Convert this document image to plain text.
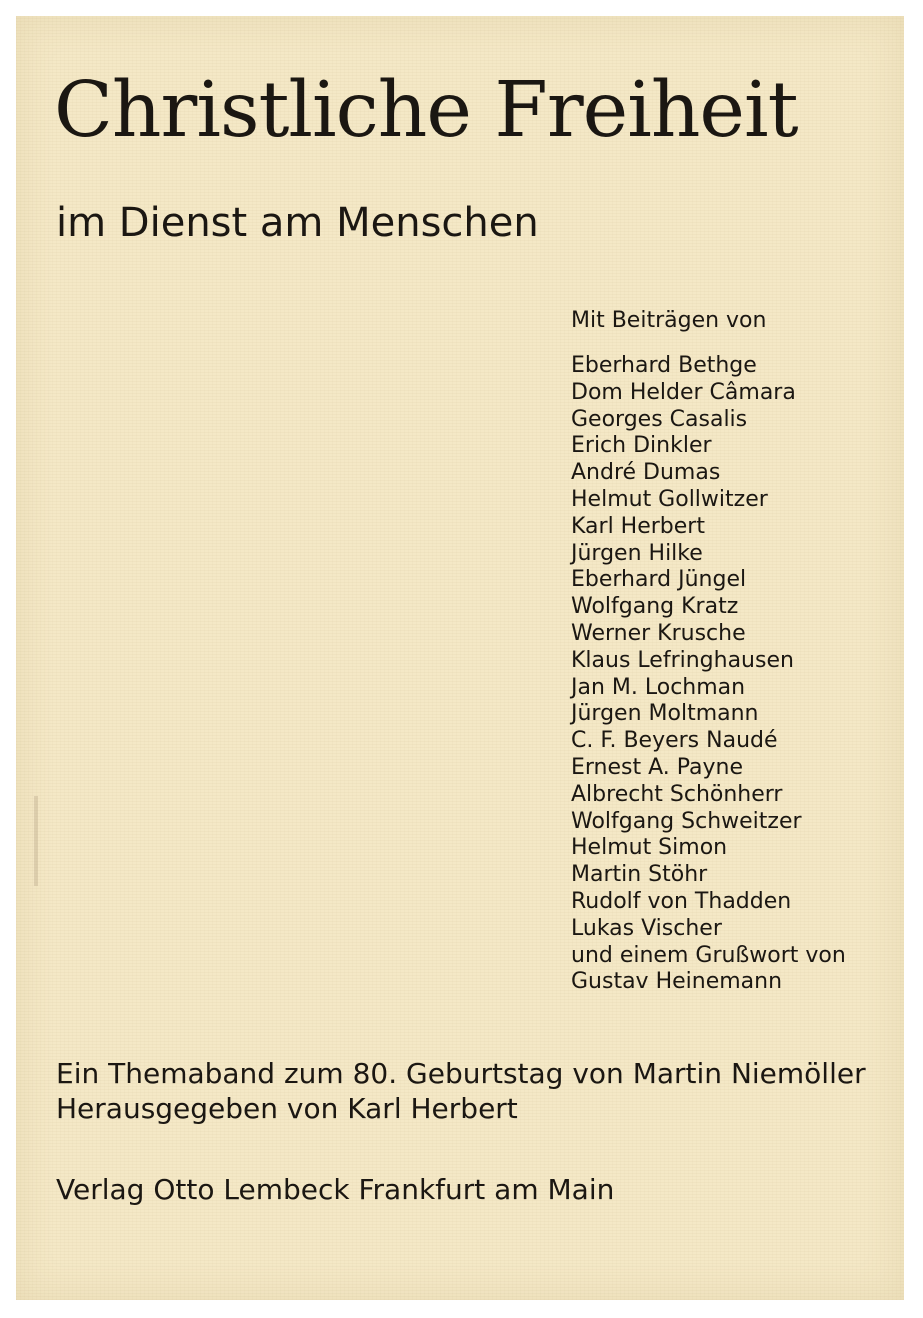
Christliche Freiheit
im Dienst am Menschen
Mit Beiträgen von
Eberhard Bethge
Dom Helder Câmara
Georges Casalis
Erich Dinkler
André Dumas
Helmut Gollwitzer
Karl Herbert
Jürgen Hilke
Eberhard Jüngel
Wolfgang Kratz
Werner Krusche
Klaus Lefringhausen
Jan M. Lochman
Jürgen Moltmann
C. F. Beyers Naudé
Ernest A. Payne
Albrecht Schönherr
Wolfgang Schweitzer
Helmut Simon
Martin Stöhr
Rudolf von Thadden
Lukas Vischer
und einem Grußwort von
Gustav Heinemann
Ein Themaband zum 80. Geburtstag von Martin Niemöller
Herausgegeben von Karl Herbert
Verlag Otto Lembeck Frankfurt am Main
